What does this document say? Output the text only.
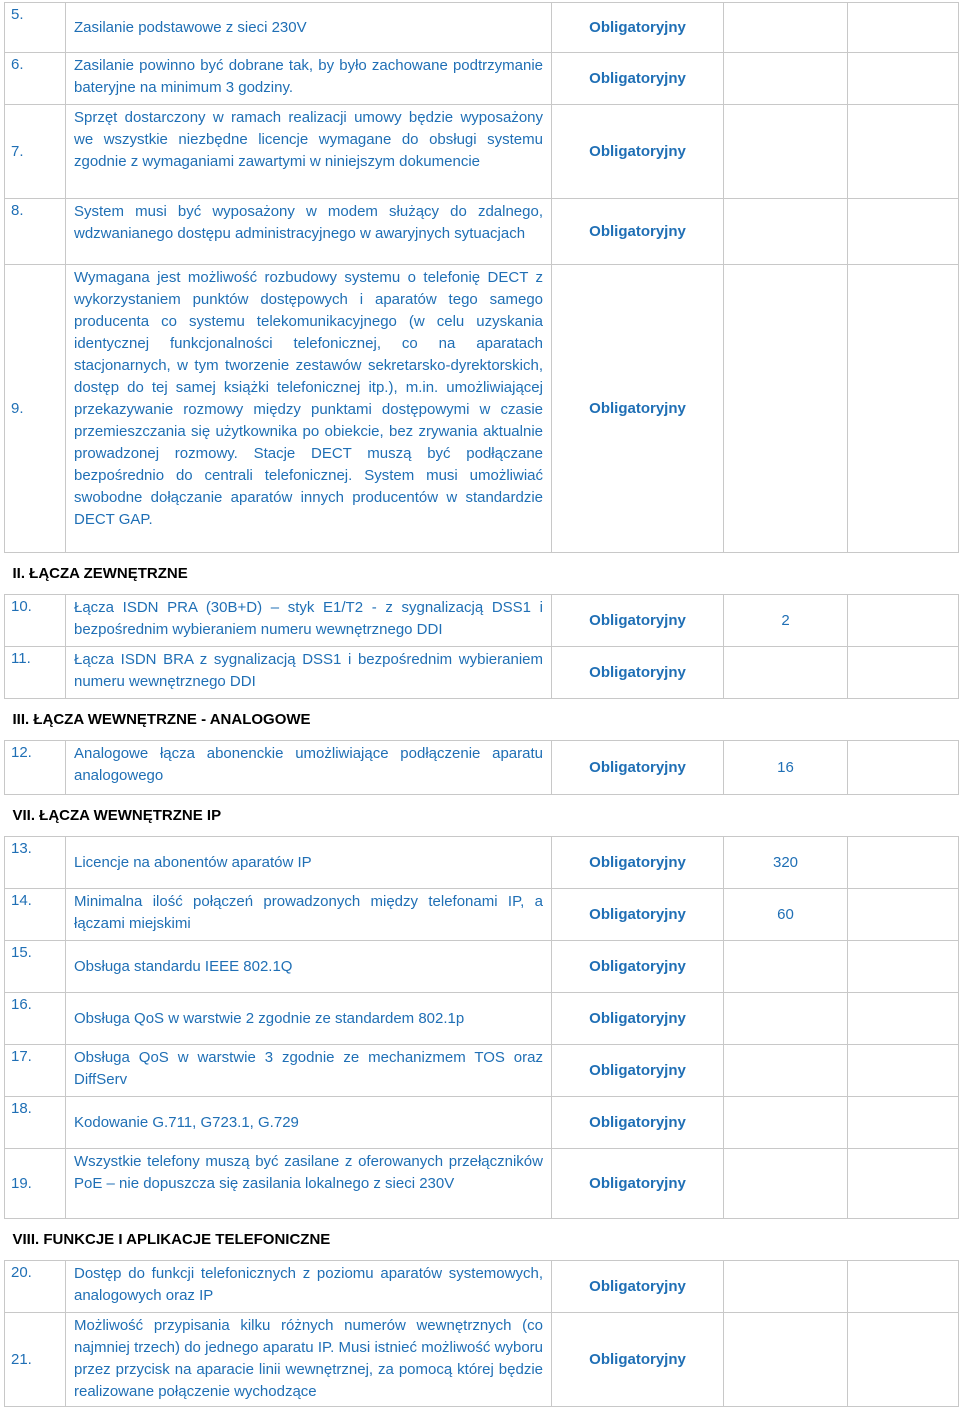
5.	Zasilanie podstawowe z sieci 230V	Obligatoryjny		
6.	Zasilanie powinno być dobrane tak, by było zachowane podtrzymanie bateryjne na minimum 3 godziny.	Obligatoryjny		
7.	Sprzęt dostarczony w ramach realizacji umowy będzie wyposażony we wszystkie niezbędne licencje wymagane do obsługi systemu zgodnie z wymaganiami zawartymi w niniejszym dokumencie	Obligatoryjny		
8.	System musi być wyposażony w modem służący do zdalnego, wdzwanianego dostępu administracyjnego w awaryjnych sytuacjach	Obligatoryjny		
9.	Wymagana jest możliwość rozbudowy systemu o telefonię DECT z wykorzystaniem punktów dostępowych i aparatów tego samego producenta co systemu telekomunikacyjnego (w celu uzyskania identycznej funkcjonalności telefonicznej, co na aparatach stacjonarnych, w tym tworzenie zestawów sekretarsko-dyrektorskich, dostęp do tej samej książki telefonicznej itp.), m.in. umożliwiającej przekazywanie rozmowy między punktami dostępowymi w czasie przemieszczania się użytkownika po obiekcie, bez zrywania aktualnie prowadzonej rozmowy. Stacje DECT muszą być podłączane bezpośrednio do centrali telefonicznej. System musi umożliwiać swobodne dołączanie aparatów innych producentów w standardzie DECT GAP.	Obligatoryjny		
II. ŁĄCZA ZEWNĘTRZNE				
10.	Łącza ISDN PRA (30B+D) – styk E1/T2 - z sygnalizacją DSS1 i bezpośrednim wybieraniem numeru wewnętrznego DDI	Obligatoryjny	2	
11.	Łącza ISDN BRA z sygnalizacją DSS1 i bezpośrednim wybieraniem numeru wewnętrznego DDI	Obligatoryjny		
III. ŁĄCZA WEWNĘTRZNE - ANALOGOWE				
12.	Analogowe łącza abonenckie umożliwiające podłączenie aparatu analogowego	Obligatoryjny	16	
VII. ŁĄCZA WEWNĘTRZNE IP				
13.	Licencje na abonentów aparatów IP	Obligatoryjny	320	
14.	Minimalna ilość połączeń prowadzonych między telefonami IP, a łączami miejskimi	Obligatoryjny	60	
15.	Obsługa standardu IEEE 802.1Q	Obligatoryjny		
16.	Obsługa QoS w warstwie 2 zgodnie ze standardem 802.1p	Obligatoryjny		
17.	Obsługa QoS w warstwie 3 zgodnie ze mechanizmem TOS oraz DiffServ	Obligatoryjny		
18.	Kodowanie G.711, G723.1, G.729	Obligatoryjny		
19.	Wszystkie telefony muszą być zasilane z oferowanych przełączników PoE – nie dopuszcza się zasilania lokalnego z sieci 230V	Obligatoryjny		
VIII. FUNKCJE I APLIKACJE TELEFONICZNE				
20.	Dostęp do funkcji telefonicznych z poziomu aparatów systemowych, analogowych oraz IP	Obligatoryjny		
21.	Możliwość przypisania kilku różnych numerów wewnętrznych (co najmniej trzech) do jednego aparatu IP. Musi istnieć możliwość wyboru przez przycisk na aparacie linii wewnętrznej, za pomocą której będzie realizowane połączenie wychodzące	Obligatoryjny		
